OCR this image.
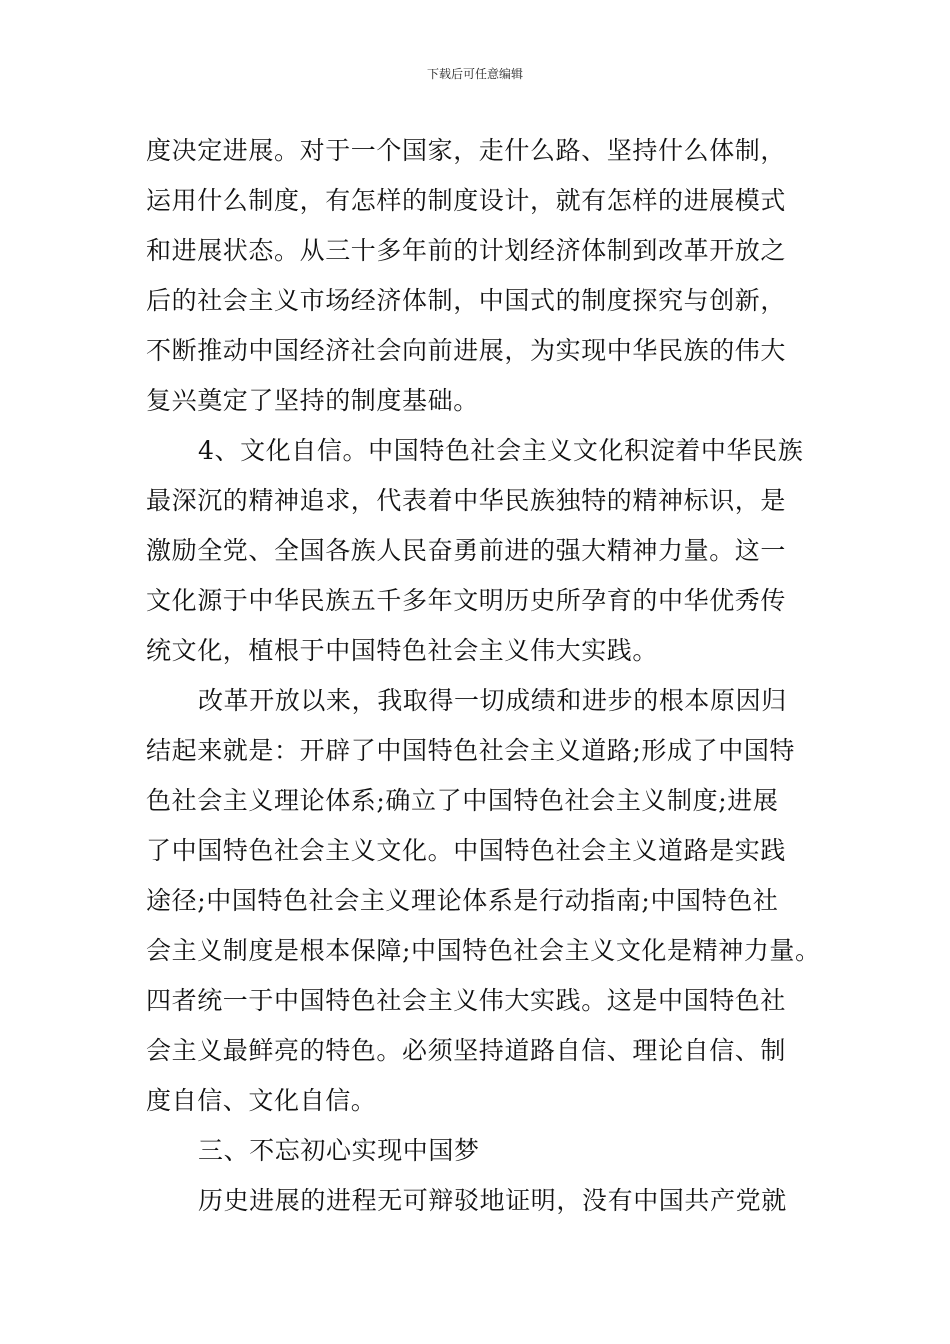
下载后可任意编辑
度决定进展。对于一个国家，走什么路、坚持什么体制，
运用什么制度，有怎样的制度设计，就有怎样的进展模式
和进展状态。从三十多年前的计划经济体制到改革开放之
后的社会主义市场经济体制，中国式的制度探究与创新，
不断推动中国经济社会向前进展，为实现中华民族的伟大
复兴奠定了坚持的制度基础。
4、文化自信。中国特色社会主义文化积淀着中华民族
最深沉的精神追求，代表着中华民族独特的精神标识，是
激励全党、全国各族人民奋勇前进的强大精神力量。这一
文化源于中华民族五千多年文明历史所孕育的中华优秀传
统文化，植根于中国特色社会主义伟大实践。
改革开放以来，我取得一切成绩和进步的根本原因归
结起来就是：开辟了中国特色社会主义道路;形成了中国特
色社会主义理论体系;确立了中国特色社会主义制度;进展
了中国特色社会主义文化。中国特色社会主义道路是实践
途径;中国特色社会主义理论体系是行动指南;中国特色社
会主义制度是根本保障;中国特色社会主义文化是精神力量。
四者统一于中国特色社会主义伟大实践。这是中国特色社
会主义最鲜亮的特色。必须坚持道路自信、理论自信、制
度自信、文化自信。
三、不忘初心实现中国梦
历史进展的进程无可辩驳地证明，没有中国共产党就
